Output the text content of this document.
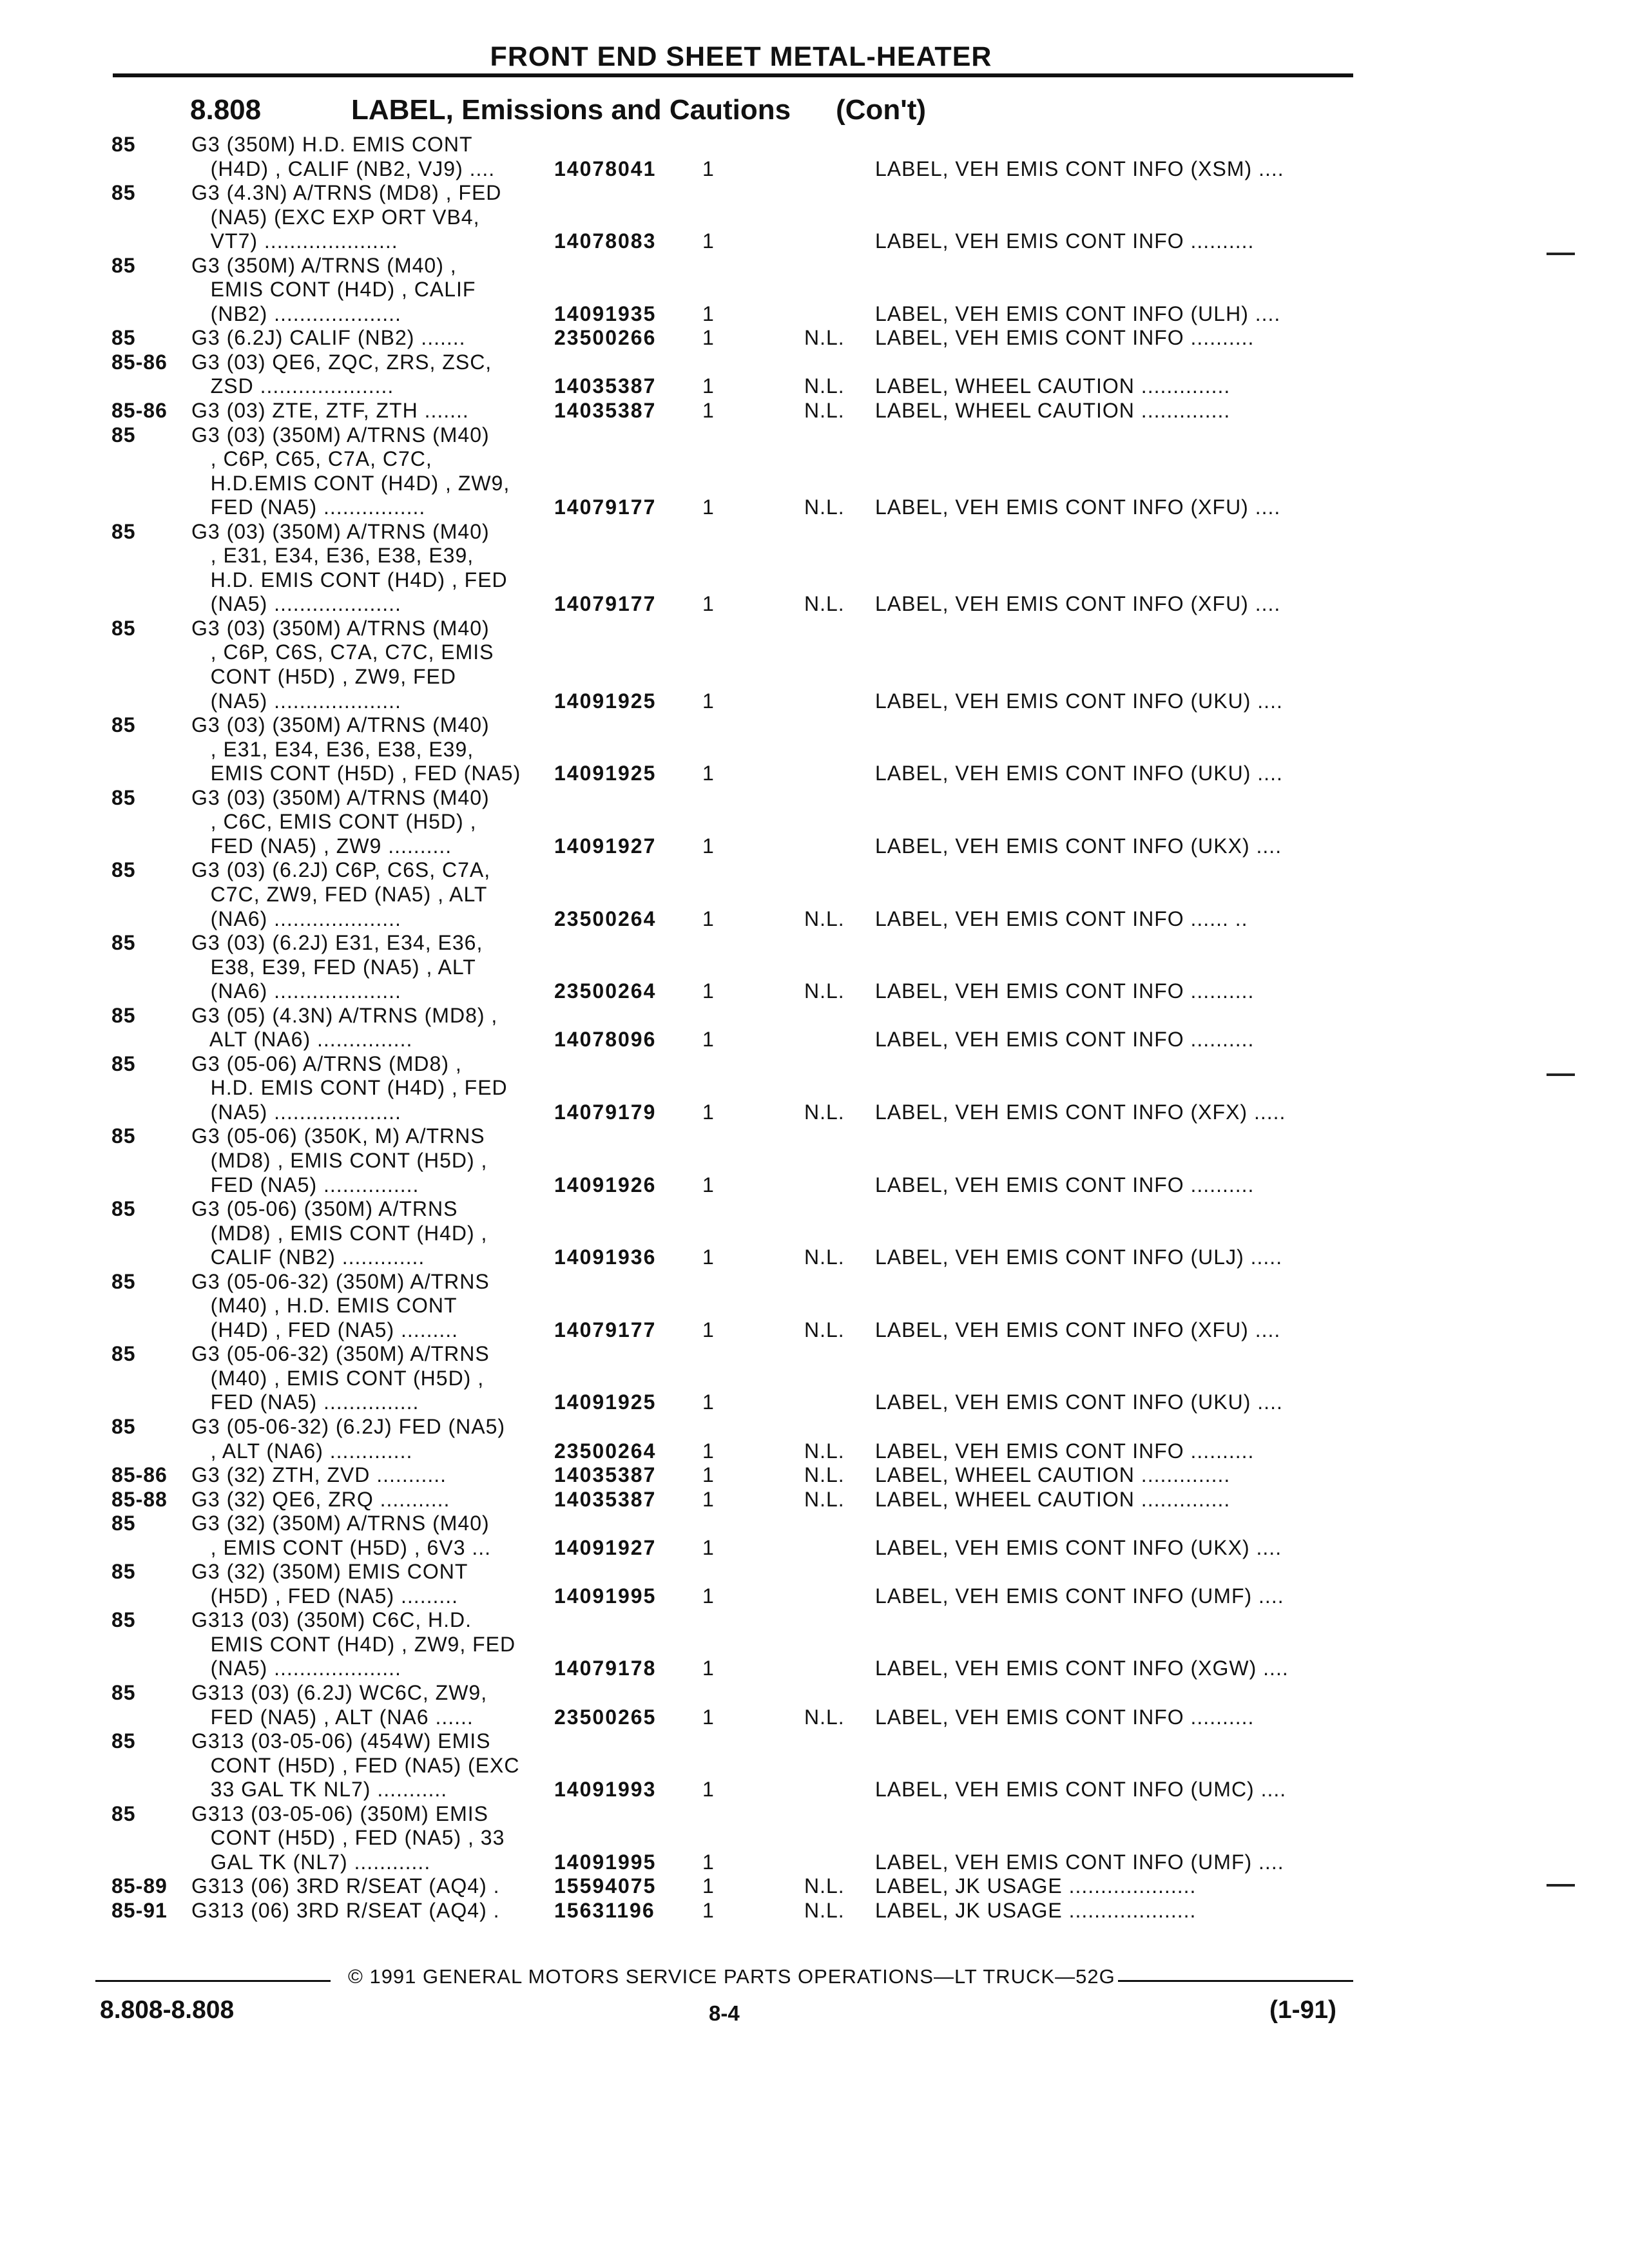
FRONT END SHEET METAL-HEATER
8.808	LABEL, Emissions and Cautions (Con't)
85	G3 (350M) H.D. EMIS CONT
(H4D) , CALIF (NB2, VJ9) ....	14078041 1	LABEL, VEH EMIS CONT INFO (XSM) ....
85	G3 (4.3N) A/TRNS (MD8) , FED
(NA5) (EXC EXP ORT VB4,
VT7) .....................	14078083 1	LABEL, VEH EMIS CONT INFO ..........
85	G3 (350M) A/TRNS (M40) ,
EMIS CONT (H4D) , CALIF
(NB2) ....................	14091935 1	LABEL, VEH EMIS CONT INFO (ULH) ....
85	G3 (6.2J) CALIF (NB2) .......	23500266 1	N.L. LABEL, VEH EMIS CONT INFO ..........
85-86 G3 (03) QE6, ZQC, ZRS, ZSC,
ZSD .....................	14035387 1	N.L. LABEL, WHEEL CAUTION ..............
85-86 G3 (03) ZTE, ZTF, ZTH .......	14035387 1	N.L. LABEL, WHEEL CAUTION ..............
85	G3 (03) (350M) A/TRNS (M40)
, C6P, C65, C7A, C7C,
H.D.EMIS CONT (H4D) , ZW9,
FED (NA5) ................	14079177 1	N.L. LABEL, VEH EMIS CONT INFO (XFU) ....
85	G3 (03) (350M) A/TRNS (M40)
, E31, E34, E36, E38, E39,
H.D. EMIS CONT (H4D) , FED
(NA5) ....................	14079177 1	N.L. LABEL, VEH EMIS CONT INFO (XFU) ....
85	G3 (03) (350M) A/TRNS (M40)
, C6P, C6S, C7A, C7C, EMIS
CONT (H5D) , ZW9, FED
(NA5) ....................	14091925 1	LABEL, VEH EMIS CONT INFO (UKU) ....
85	G3 (03) (350M) A/TRNS (M40)
, E31, E34, E36, E38, E39,
EMIS CONT (H5D) , FED (NA5) 14091925 1	LABEL, VEH EMIS CONT INFO (UKU) ....
85	G3 (03) (350M) A/TRNS (M40)
, C6C, EMIS CONT (H5D) ,
FED (NA5) , ZW9 ..........	14091927 1	LABEL, VEH EMIS CONT INFO (UKX) ....
85	G3 (03) (6.2J) C6P, C6S, C7A,
C7C, ZW9, FED (NA5) , ALT
(NA6) ....................	23500264 1	N.L. LABEL, VEH EMIS CONT INFO ...... ..
85	G3 (03) (6.2J) E31, E34, E36,
E38, E39, FED (NA5) , ALT
(NA6) ....................	23500264 1	N.L. LABEL, VEH EMIS CONT INFO ..........
85	G3 (05) (4.3N) A/TRNS (MD8) ,
ALT (NA6) ...............	14078096 1	LABEL, VEH EMIS CONT INFO ..........
85	G3 (05-06) A/TRNS (MD8) ,
H.D. EMIS CONT (H4D) , FED
(NA5) ....................	14079179 1	N.L. LABEL, VEH EMIS CONT INFO (XFX) .....
85	G3 (05-06) (350K, M) A/TRNS
(MD8) , EMIS CONT (H5D) ,
FED (NA5) ...............	14091926 1	LABEL, VEH EMIS CONT INFO ..........
85	G3 (05-06) (350M) A/TRNS
(MD8) , EMIS CONT (H4D) ,
CALIF (NB2) .............	14091936 1	N.L. LABEL, VEH EMIS CONT INFO (ULJ) .....
85	G3 (05-06-32) (350M) A/TRNS
(M40) , H.D. EMIS CONT
(H4D) , FED (NA5) .........	14079177 1	N.L. LABEL, VEH EMIS CONT INFO (XFU) ....
85	G3 (05-06-32) (350M) A/TRNS
(M40) , EMIS CONT (H5D) ,
FED (NA5) ...............	14091925 1	LABEL, VEH EMIS CONT INFO (UKU) ....
85	G3 (05-06-32) (6.2J) FED (NA5)
, ALT (NA6) .............	23500264 1	N.L. LABEL, VEH EMIS CONT INFO ..........
85-86 G3 (32) ZTH, ZVD ...........	14035387 1	N.L. LABEL, WHEEL CAUTION ..............
85-88 G3 (32) QE6, ZRQ ...........	14035387 1	N.L. LABEL, WHEEL CAUTION ..............
85	G3 (32) (350M) A/TRNS (M40)
, EMIS CONT (H5D) , 6V3 ...	14091927 1	LABEL, VEH EMIS CONT INFO (UKX) ....
85	G3 (32) (350M) EMIS CONT
(H5D) , FED (NA5) .........	14091995 1	LABEL, VEH EMIS CONT INFO (UMF) ....
85	G313 (03) (350M) C6C, H.D.
EMIS CONT (H4D) , ZW9, FED
(NA5) ....................	14079178 1	LABEL, VEH EMIS CONT INFO (XGW) ....
85	G313 (03) (6.2J) WC6C, ZW9,
FED (NA5) , ALT (NA6 ......	23500265 1	N.L. LABEL, VEH EMIS CONT INFO ..........
85	G313 (03-05-06) (454W) EMIS
CONT (H5D) , FED (NA5) (EXC
33 GAL TK NL7) ...........	14091993 1	LABEL, VEH EMIS CONT INFO (UMC) ....
85	G313 (03-05-06) (350M) EMIS
CONT (H5D) , FED (NA5) , 33
GAL TK (NL7) ............	14091995 1	LABEL, VEH EMIS CONT INFO (UMF) ....
85-89 G313 (06) 3RD R/SEAT (AQ4) .	15594075 1	N.L. LABEL, JK USAGE ....................
85-91 G313 (06) 3RD R/SEAT (AQ4) .	15631196 1	N.L. LABEL, JK USAGE ....................
© 1991 GENERAL MOTORS SERVICE PARTS OPERATIONS—LT TRUCK—52G
8.808-8.808	8-4	(1-91)
